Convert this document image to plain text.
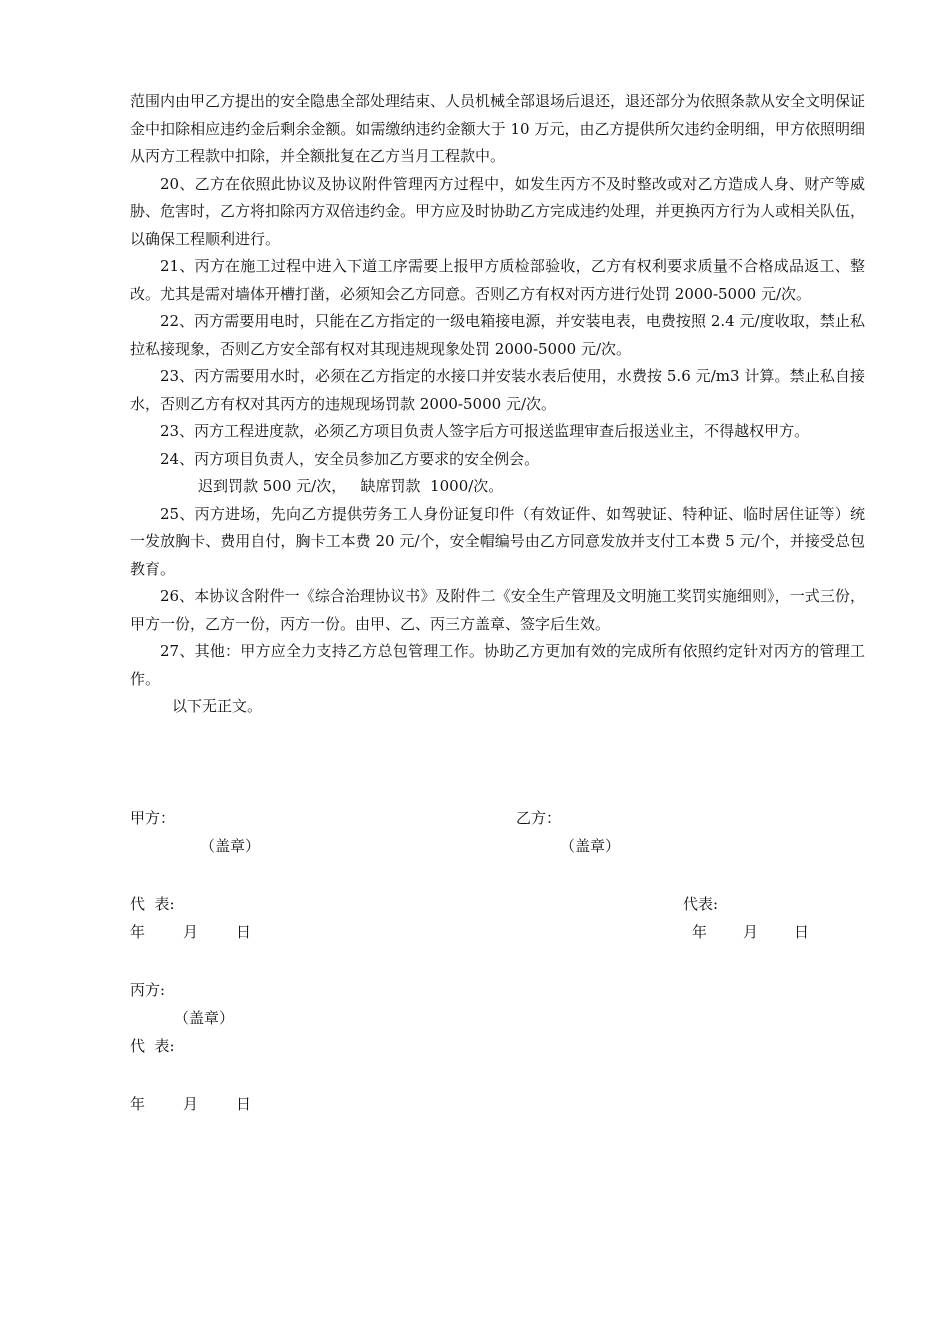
范围内由甲乙方提出的安全隐患全部处理结束、人员机械全部退场后退还，退还部分为依照条款从安全文明保证金中扣除相应违约金后剩余金额。如需缴纳违约金额大于 10 万元，由乙方提供所欠违约金明细，甲方依照明细从丙方工程款中扣除，并全额批复在乙方当月工程款中。

20、乙方在依照此协议及协议附件管理丙方过程中，如发生丙方不及时整改或对乙方造成人身、财产等威胁、危害时，乙方将扣除丙方双倍违约金。甲方应及时协助乙方完成违约处理，并更换丙方行为人或相关队伍，以确保工程顺利进行。

21、丙方在施工过程中进入下道工序需要上报甲方质检部验收，乙方有权利要求质量不合格成品返工、整改。尤其是需对墙体开槽打凿，必须知会乙方同意。否则乙方有权对丙方进行处罚 2000-5000 元/次。

22、丙方需要用电时，只能在乙方指定的一级电箱接电源，并安装电表，电费按照 2.4 元/度收取，禁止私拉私接现象，否则乙方安全部有权对其现违规现象处罚 2000-5000 元/次。

23、丙方需要用水时，必须在乙方指定的水接口并安装水表后使用，水费按 5.6 元/m3 计算。禁止私自接水，否则乙方有权对其丙方的违规现场罚款 2000-5000 元/次。

23、丙方工程进度款，必须乙方项目负责人签字后方可报送监理审查后报送业主，不得越权甲方。

24、丙方项目负责人，安全员参加乙方要求的安全例会。

迟到罚款 500 元/次，   缺席罚款  1000/次。

25、丙方进场，先向乙方提供劳务工人身份证复印件（有效证件、如驾驶证、特种证、临时居住证等）统一发放胸卡、费用自付，胸卡工本费 20 元/个，安全帽编号由乙方同意发放并支付工本费 5 元/个，并接受总包教育。

26、本协议含附件一《综合治理协议书》及附件二《安全生产管理及文明施工奖罚实施细则》，一式三份，甲方一份，乙方一份，丙方一份。由甲、乙、丙三方盖章、签字后生效。

27、其他：甲方应全力支持乙方总包管理工作。协助乙方更加有效的完成所有依照约定针对丙方的管理工作。

以下无正文。

甲方：
（盖章）
代  表:
年	月	日
乙方：
（盖章）
代表:
年 月 日
丙方:
（盖章）
代  表:
年	月	日
